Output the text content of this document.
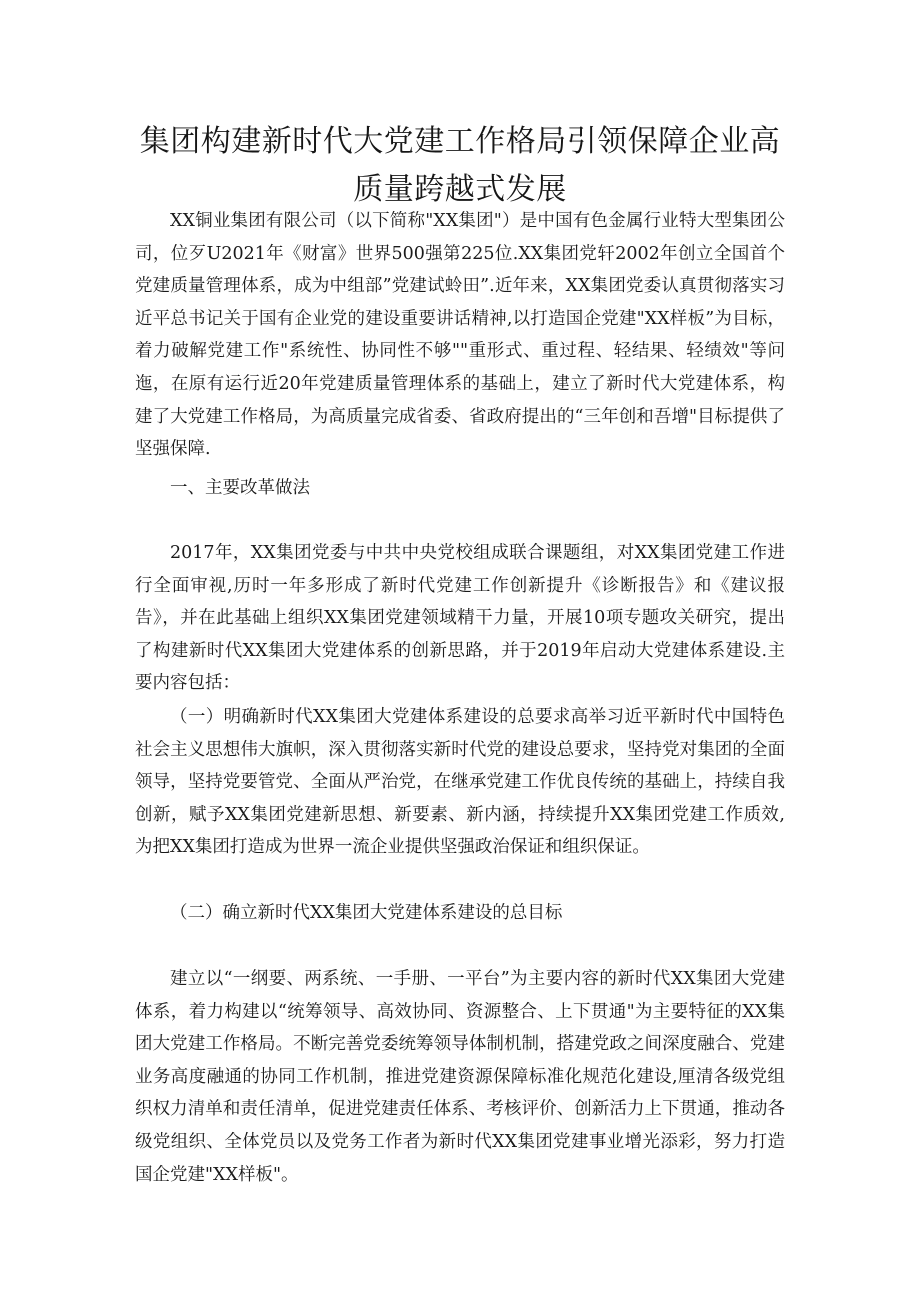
集团构建新时代大党建工作格局引领保障企业高质量跨越式发展

XX铜业集团有限公司（以下简称"XX集团"）是中国有色金属行业特大型集团公司，位歹U2021年《财富》世界500强第225位.XX集团党轩2002年创立全国首个党建质量管理体系，成为中组部”党建试蛉田”.近年来，XX集团党委认真贯彻落实习近平总书记关于国有企业党的建设重要讲话精神,以打造国企党建"XX样板”为目标，着力破解党建工作"系统性、协同性不够""重形式、重过程、轻结果、轻绩效"等问迤，在原有运行近20年党建质量管理体系的基础上，建立了新时代大党建体系，构建了大党建工作格局，为高质量完成省委、省政府提出的“三年创和吾增"目标提供了坚强保障.

一、主要改革做法

2017年，XX集团党委与中共中央党校组成联合课题组，对XX集团党建工作进行全面审视,历时一年多形成了新时代党建工作创新提升《诊断报告》和《建议报告》，并在此基础上组织XX集团党建领域精干力量，开展10项专题攻关研究，提出了构建新时代XX集团大党建体系的创新思路，并于2019年启动大党建体系建设.主要内容包括：

（一）明确新时代XX集团大党建体系建设的总要求高举习近平新时代中国特色社会主义思想伟大旗帜，深入贯彻落实新时代党的建设总要求，坚持党对集团的全面领导，坚持党要管党、全面从严治党，在继承党建工作优良传统的基础上，持续自我创新，赋予XX集团党建新思想、新要素、新内涵，持续提升XX集团党建工作质效,为把XX集团打造成为世界一流企业提供坚强政治保证和组织保证。

（二）确立新时代XX集团大党建体系建设的总目标

建立以“一纲要、两系统、一手册、一平台”为主要内容的新时代XX集团大党建体系，着力构建以“统筹领导、高效协同、资源整合、上下贯通"为主要特征的XX集团大党建工作格局。不断完善党委统筹领导体制机制，搭建党政之间深度融合、党建业务高度融通的协同工作机制，推进党建资源保障标准化规范化建设,厘清各级党组织权力清单和责任清单，促进党建责任体系、考核评价、创新活力上下贯通，推动各级党组织、全体党员以及党务工作者为新时代XX集团党建事业增光添彩，努力打造国企党建"XX样板"。
